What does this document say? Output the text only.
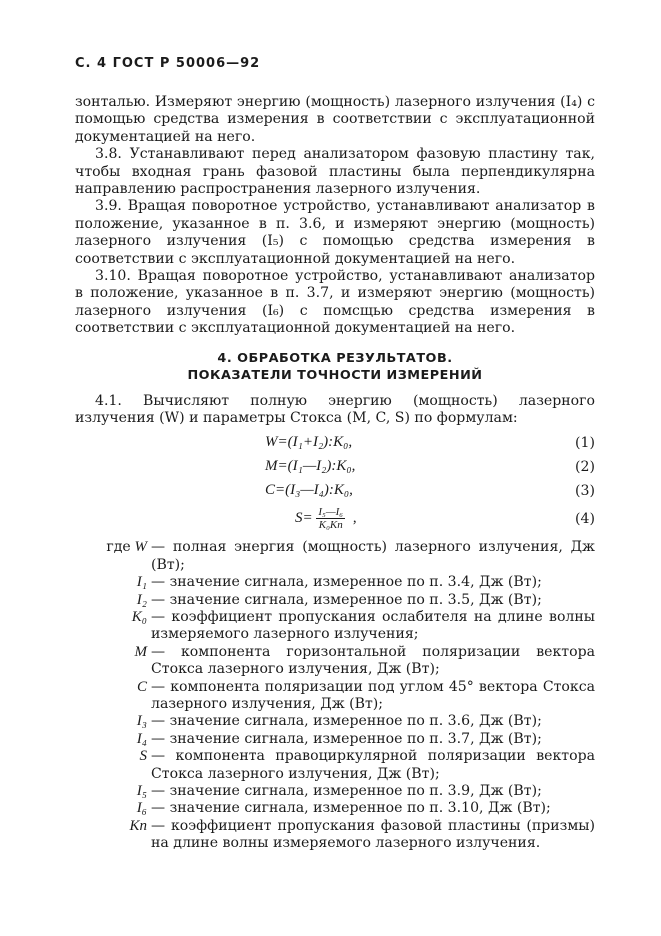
С. 4 ГОСТ Р 50006—92

зонталью. Измеряют энергию (мощность) лазерного излучения (I₄) с помощью средства измерения в соответствии с эксплуатационной документацией на него.

3.8. Устанавливают перед анализатором фазовую пластину так, чтобы входная грань фазовой пластины была перпендикулярна направлению распространения лазерного излучения.

3.9. Вращая поворотное устройство, устанавливают анализатор в положение, указанное в п. 3.6, и измеряют энергию (мощность) лазерного излучения (I₅) с помощью средства измерения в соответствии с эксплуатационной документацией на него.

3.10. Вращая поворотное устройство, устанавливают анализатор в положение, указанное в п. 3.7, и измеряют энергию (мощность) лазерного излучения (I₆) с помсщью средства измерения в соответствии с эксплуатационной документацией на него.

4. ОБРАБОТКА РЕЗУЛЬТАТОВ.
ПОКАЗАТЕЛИ ТОЧНОСТИ ИЗМЕРЕНИЙ

4.1. Вычисляют полную энергию (мощность) лазерного излучения (W) и параметры Стокса (M, C, S) по формулам:

W=(I₁+I₂):K₀,	(1)
M=(I₁—I₂):K₀,	(2)
C=(I₃—I₄):K₀,	(3)
$S= \frac{\text{I₅—I₆}}{\text{K₀Kп}}$ ,	(4)
где W — полная энергия (мощность) лазерного излучения, Дж (Вт);
I₁ — значение сигнала, измеренное по п. 3.4, Дж (Вт);
I₂ — значение сигнала, измеренное по п. 3.5, Дж (Вт);
K₀ — коэффициент пропускания ослабителя на длине волны измеряемого лазерного излучения;
M — компонента горизонтальной поляризации вектора Стокса лазерного излучения, Дж (Вт);
C — компонента поляризации под углом 45° вектора Стокса лазерного излучения, Дж (Вт);
I₃ — значение сигнала, измеренное по п. 3.6, Дж (Вт);
I₄ — значение сигнала, измеренное по п. 3.7, Дж (Вт);
S — компонента правоциркулярной поляризации вектора Стокса лазерного излучения, Дж (Вт);
I₅ — значение сигнала, измеренное по п. 3.9, Дж (Вт);
I₆ — значение сигнала, измеренное по п. 3.10, Дж (Вт);
Kп — коэффициент пропускания фазовой пластины (призмы) на длине волны измеряемого лазерного излучения.
